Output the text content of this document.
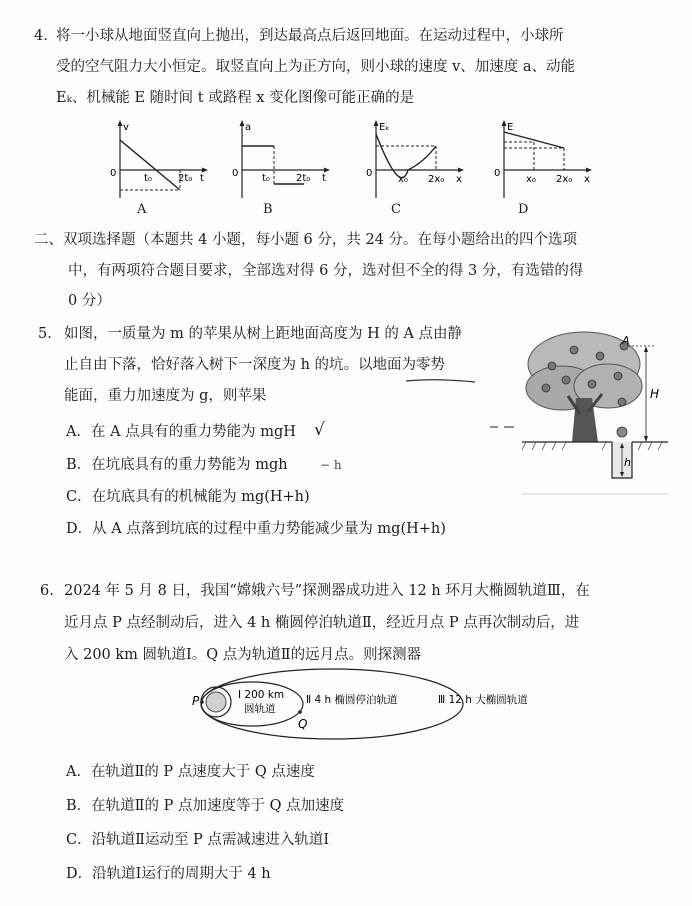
4. 将一小球从地面竖直向上抛出，到达最高点后返回地面。在运动过程中，小球所
受的空气阻力大小恒定。取竖直向上为正方向，则小球的速度 v、加速度 a、动能
Eₖ、机械能 E 随时间 t 或路程 x 变化图像可能正确的是
v
0	t₀	2t₀ t
A
a
0 t₀	2t₀ t
B
Eₖ
0
x₀ 2x₀ x
C
E
0
x₀ 2x₀ x
D
二、双项选择题（本题共 4 小题，每小题 6 分，共 24 分。在每小题给出的四个选项
中，有两项符合题目要求，全部选对得 6 分，选对但不全的得 3 分，有选错的得
0 分）
5. 如图，一质量为 m 的苹果从树上距地面高度为 H 的 A 点由静
止自由下落，恰好落入树下一深度为 h 的坑。以地面为零势
能面，重力加速度为 g，则苹果
A．在 A 点具有的重力势能为 mgH √
B．在坑底具有的重力势能为 mgh	− h
C．在坑底具有的机械能为 mg(H+h)
D．从 A 点落到坑底的过程中重力势能减少量为 mg(H+h)
A
H
h
6. 2024 年 5 月 8 日，我国“嫦娥六号”探测器成功进入 12 h 环月大椭圆轨道Ⅲ，在
近月点 P 点经制动后，进入 4 h 椭圆停泊轨道Ⅱ，经近月点 P 点再次制动后，进
入 200 km 圆轨道Ⅰ。Q 点为轨道Ⅱ的远月点。则探测器
P
Q
Ⅰ 200 km
圆轨道
Ⅱ 4 h 椭圆停泊轨道	Ⅲ 12 h 大椭圆轨道
A．在轨道Ⅱ的 P 点速度大于 Q 点速度
B．在轨道Ⅱ的 P 点加速度等于 Q 点加速度
C．沿轨道Ⅱ运动至 P 点需减速进入轨道Ⅰ
D．沿轨道Ⅰ运行的周期大于 4 h
